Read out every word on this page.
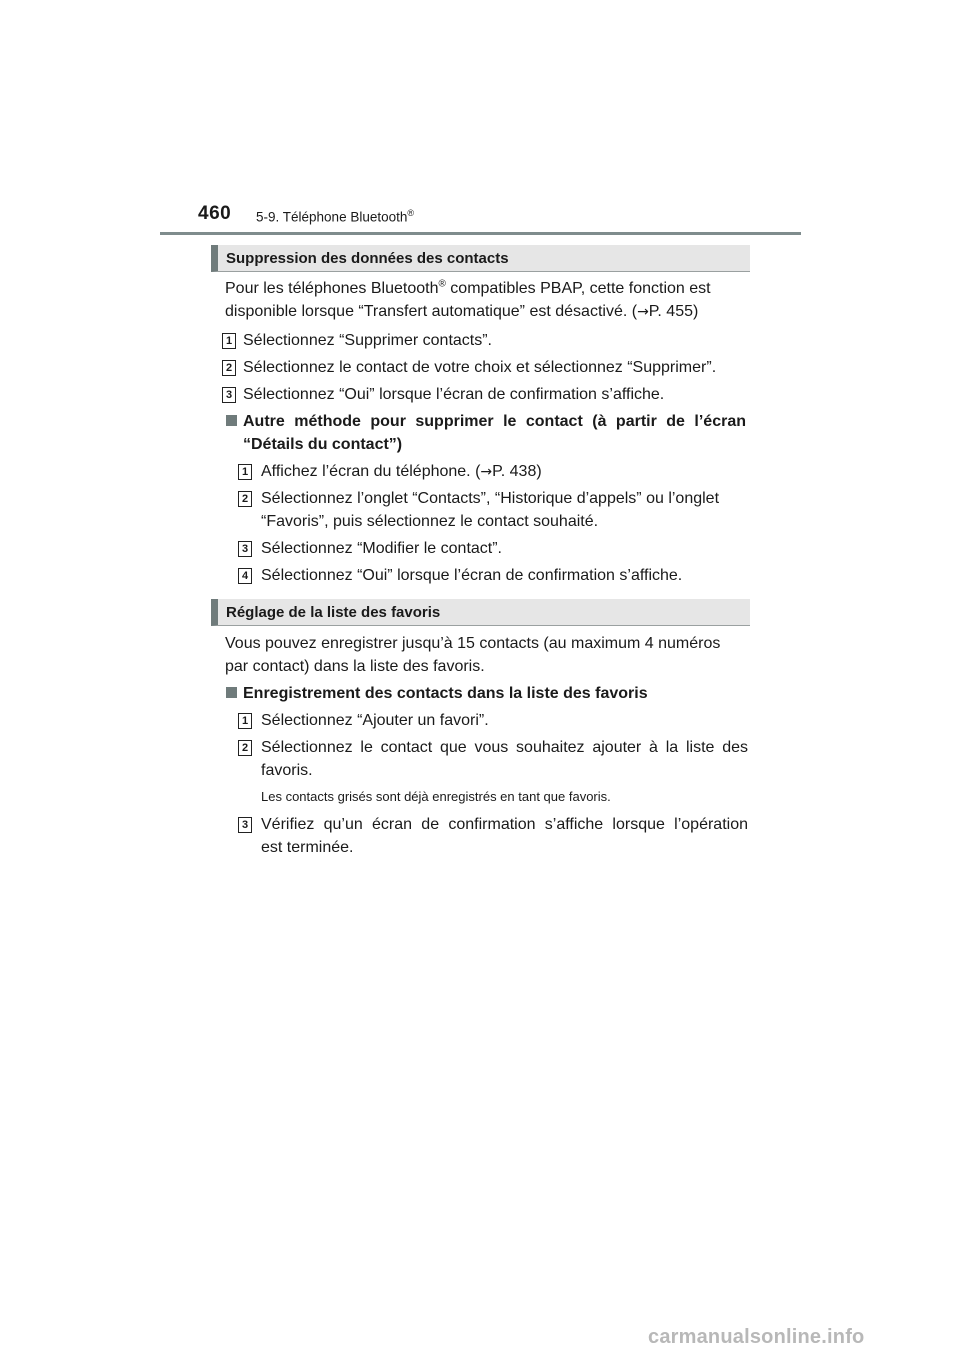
460 5-9. Téléphone Bluetooth®
Suppression des données des contacts
Pour les téléphones Bluetooth® compatibles PBAP, cette fonction est
disponible lorsque “Transfert automatique” est désactivé. (→P. 455)
1 Sélectionnez “Supprimer contacts”.
2 Sélectionnez le contact de votre choix et sélectionnez “Supprimer”.
3 Sélectionnez “Oui” lorsque l’écran de confirmation s’affiche.
Autre méthode pour supprimer le contact (à partir de l’écran
“Détails du contact”)
1 Affichez l’écran du téléphone. (→P. 438)
2 Sélectionnez l’onglet “Contacts”, “Historique d’appels” ou l’onglet
“Favoris”, puis sélectionnez le contact souhaité.
3 Sélectionnez “Modifier le contact”.
4 Sélectionnez “Oui” lorsque l’écran de confirmation s’affiche.
Réglage de la liste des favoris
Vous pouvez enregistrer jusqu’à 15 contacts (au maximum 4 numéros
par contact) dans la liste des favoris.
Enregistrement des contacts dans la liste des favoris
1 Sélectionnez “Ajouter un favori”.
2 Sélectionnez le contact que vous souhaitez ajouter à la liste des
favoris.
Les contacts grisés sont déjà enregistrés en tant que favoris.
3 Vérifiez qu’un écran de confirmation s’affiche lorsque l’opération
est terminée.
carmanualsonline.info
